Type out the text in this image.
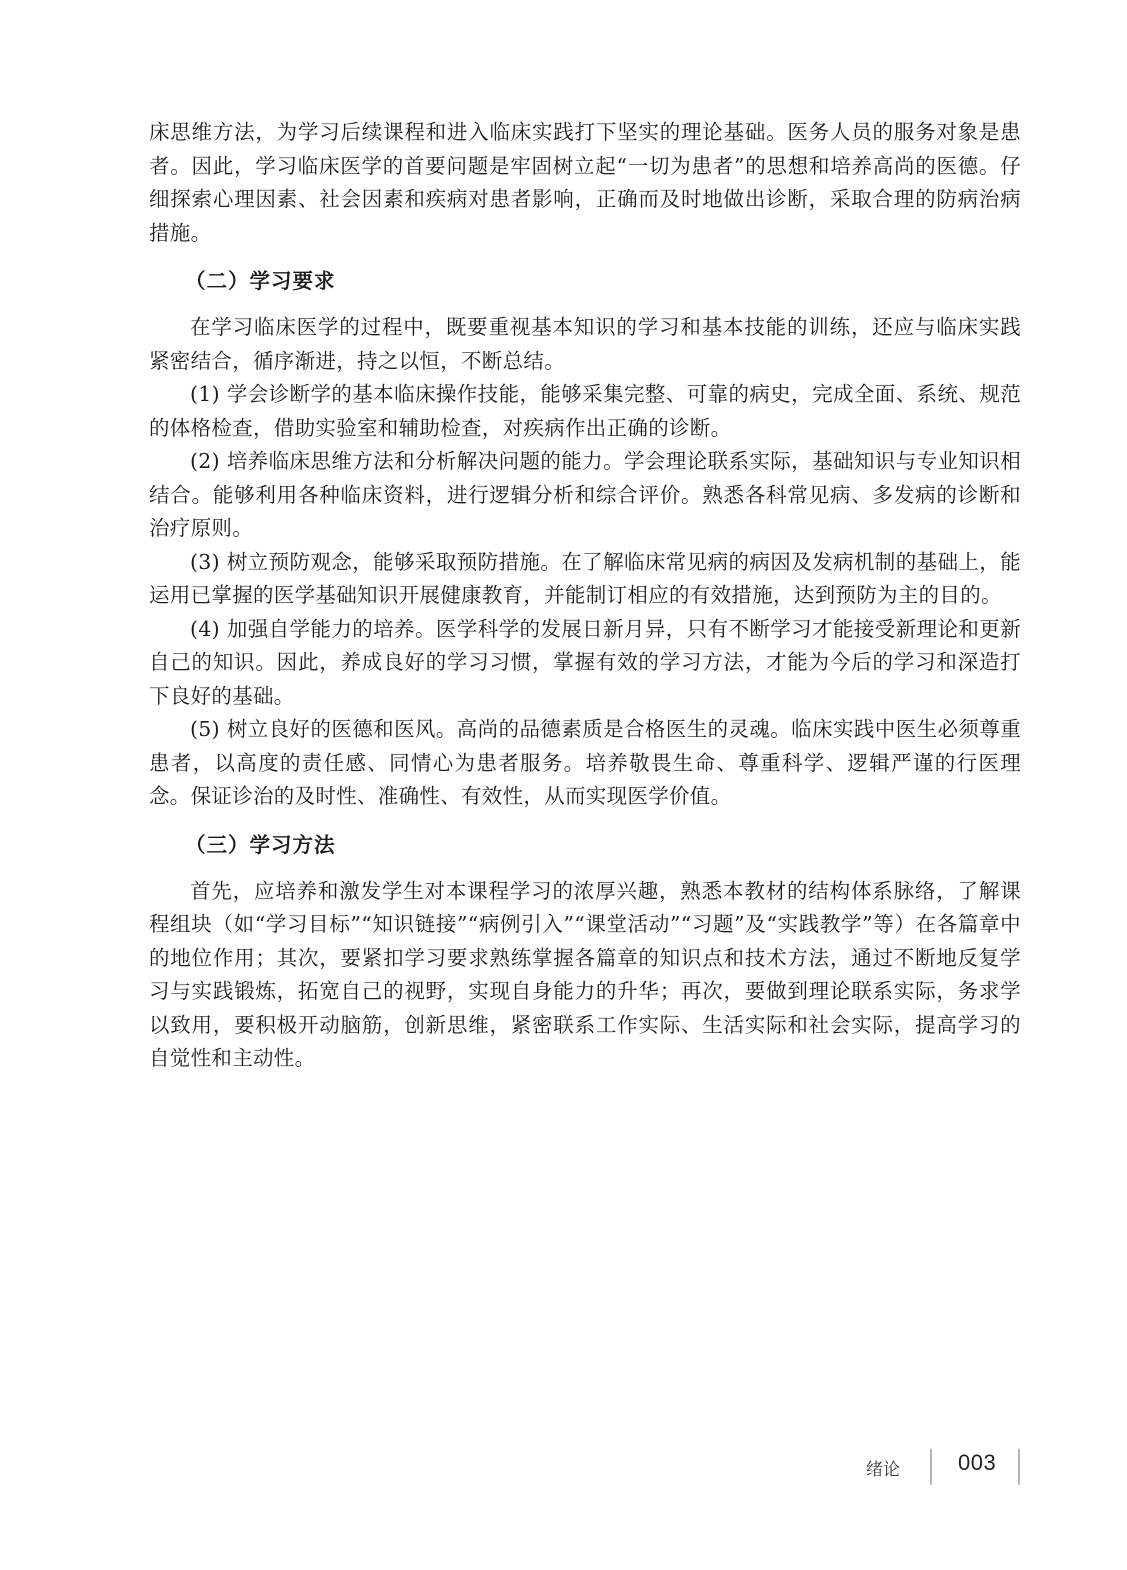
床思维方法，为学习后续课程和进入临床实践打下坚实的理论基础。医务人员的服务对象是患者。因此，学习临床医学的首要问题是牢固树立起“一切为患者”的思想和培养高尚的医德。仔细探索心理因素、社会因素和疾病对患者影响，正确而及时地做出诊断，采取合理的防病治病措施。

（二）学习要求

在学习临床医学的过程中，既要重视基本知识的学习和基本技能的训练，还应与临床实践紧密结合，循序渐进，持之以恒，不断总结。

(1) 学会诊断学的基本临床操作技能，能够采集完整、可靠的病史，完成全面、系统、规范的体格检查，借助实验室和辅助检查，对疾病作出正确的诊断。

(2) 培养临床思维方法和分析解决问题的能力。学会理论联系实际，基础知识与专业知识相结合。能够利用各种临床资料，进行逻辑分析和综合评价。熟悉各科常见病、多发病的诊断和治疗原则。

(3) 树立预防观念，能够采取预防措施。在了解临床常见病的病因及发病机制的基础上，能运用已掌握的医学基础知识开展健康教育，并能制订相应的有效措施，达到预防为主的目的。

(4) 加强自学能力的培养。医学科学的发展日新月异，只有不断学习才能接受新理论和更新自己的知识。因此，养成良好的学习习惯，掌握有效的学习方法，才能为今后的学习和深造打下良好的基础。

(5) 树立良好的医德和医风。高尚的品德素质是合格医生的灵魂。临床实践中医生必须尊重患者，以高度的责任感、同情心为患者服务。培养敬畏生命、尊重科学、逻辑严谨的行医理念。保证诊治的及时性、准确性、有效性，从而实现医学价值。

（三）学习方法

首先，应培养和激发学生对本课程学习的浓厚兴趣，熟悉本教材的结构体系脉络，了解课程组块（如“学习目标”“知识链接”“病例引入”“课堂活动”“习题”及“实践教学”等）在各篇章中的地位作用；其次，要紧扣学习要求熟练掌握各篇章的知识点和技术方法，通过不断地反复学习与实践锻炼，拓宽自己的视野，实现自身能力的升华；再次，要做到理论联系实际，务求学以致用，要积极开动脑筋，创新思维，紧密联系工作实际、生活实际和社会实际，提高学习的自觉性和主动性。

绪论	003
